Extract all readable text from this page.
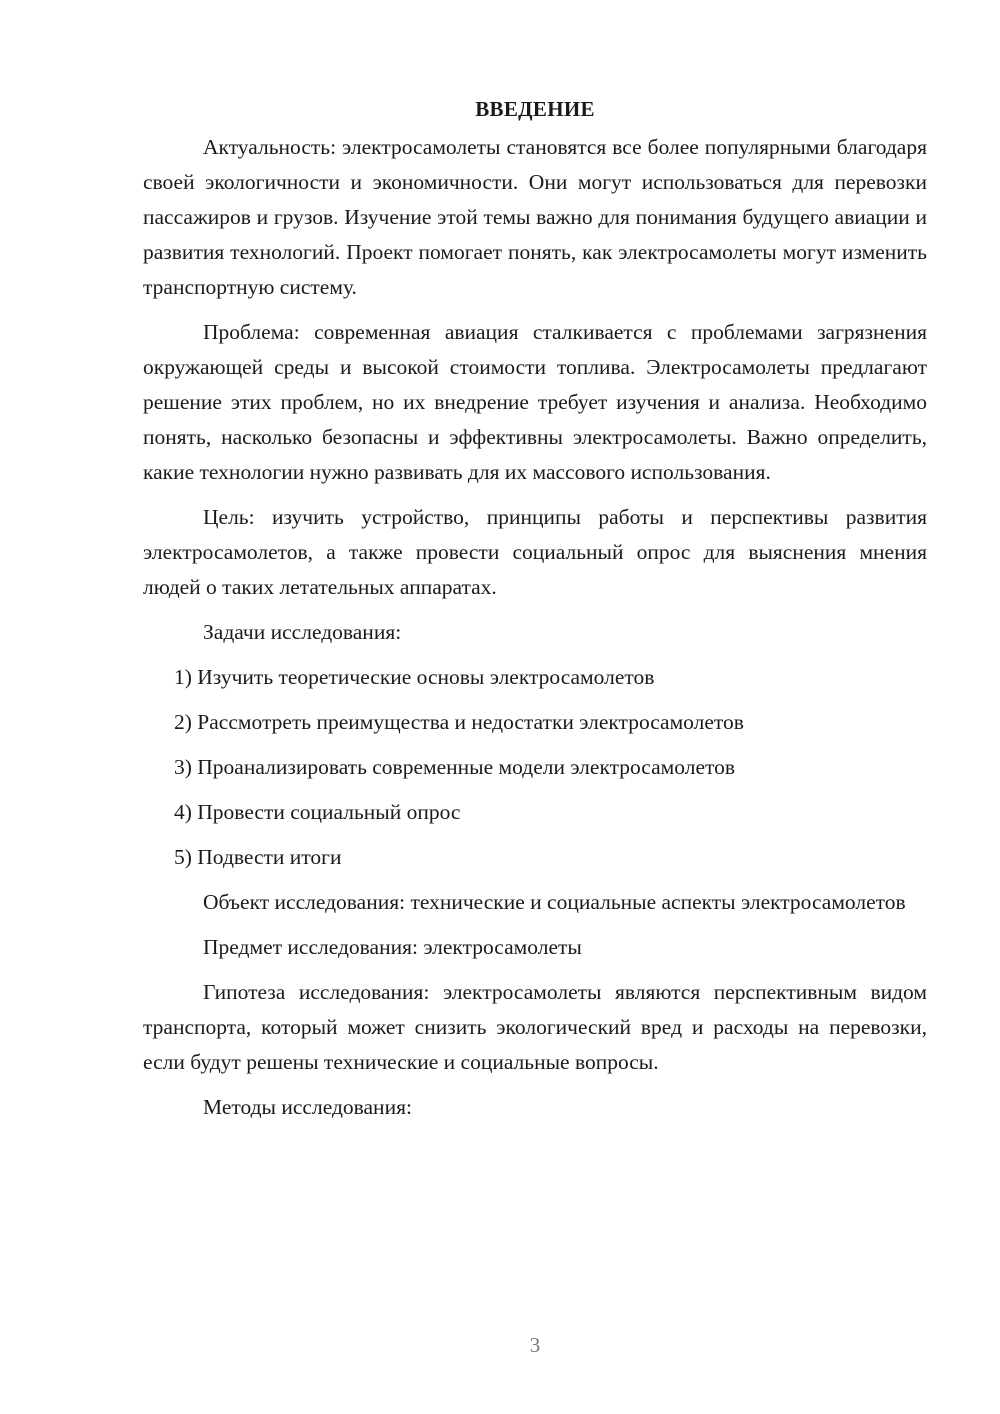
ВВЕДЕНИЕ

Актуальность: электросамолеты становятся все более популярными благодаря своей экологичности и экономичности. Они могут использоваться для перевозки пассажиров и грузов. Изучение этой темы важно для понимания будущего авиации и развития технологий. Проект помогает понять, как электросамолеты могут изменить транспортную систему.

Проблема: современная авиация сталкивается с проблемами загрязнения окружающей среды и высокой стоимости топлива. Электросамолеты предлагают решение этих проблем, но их внедрение требует изучения и анализа. Необходимо понять, насколько безопасны и эффективны электросамолеты. Важно определить, какие технологии нужно развивать для их массового использования.

Цель: изучить устройство, принципы работы и перспективы развития электросамолетов, а также провести социальный опрос для выяснения мнения людей о таких летательных аппаратах.

Задачи исследования:

1) Изучить теоретические основы электросамолетов
2) Рассмотреть преимущества и недостатки электросамолетов
3) Проанализировать современные модели электросамолетов
4) Провести социальный опрос
5) Подвести итоги

Объект исследования: технические и социальные аспекты электросамолетов

Предмет исследования: электросамолеты

Гипотеза исследования: электросамолеты являются перспективным видом транспорта, который может снизить экологический вред и расходы на перевозки, если будут решены технические и социальные вопросы.

Методы исследования:

3
